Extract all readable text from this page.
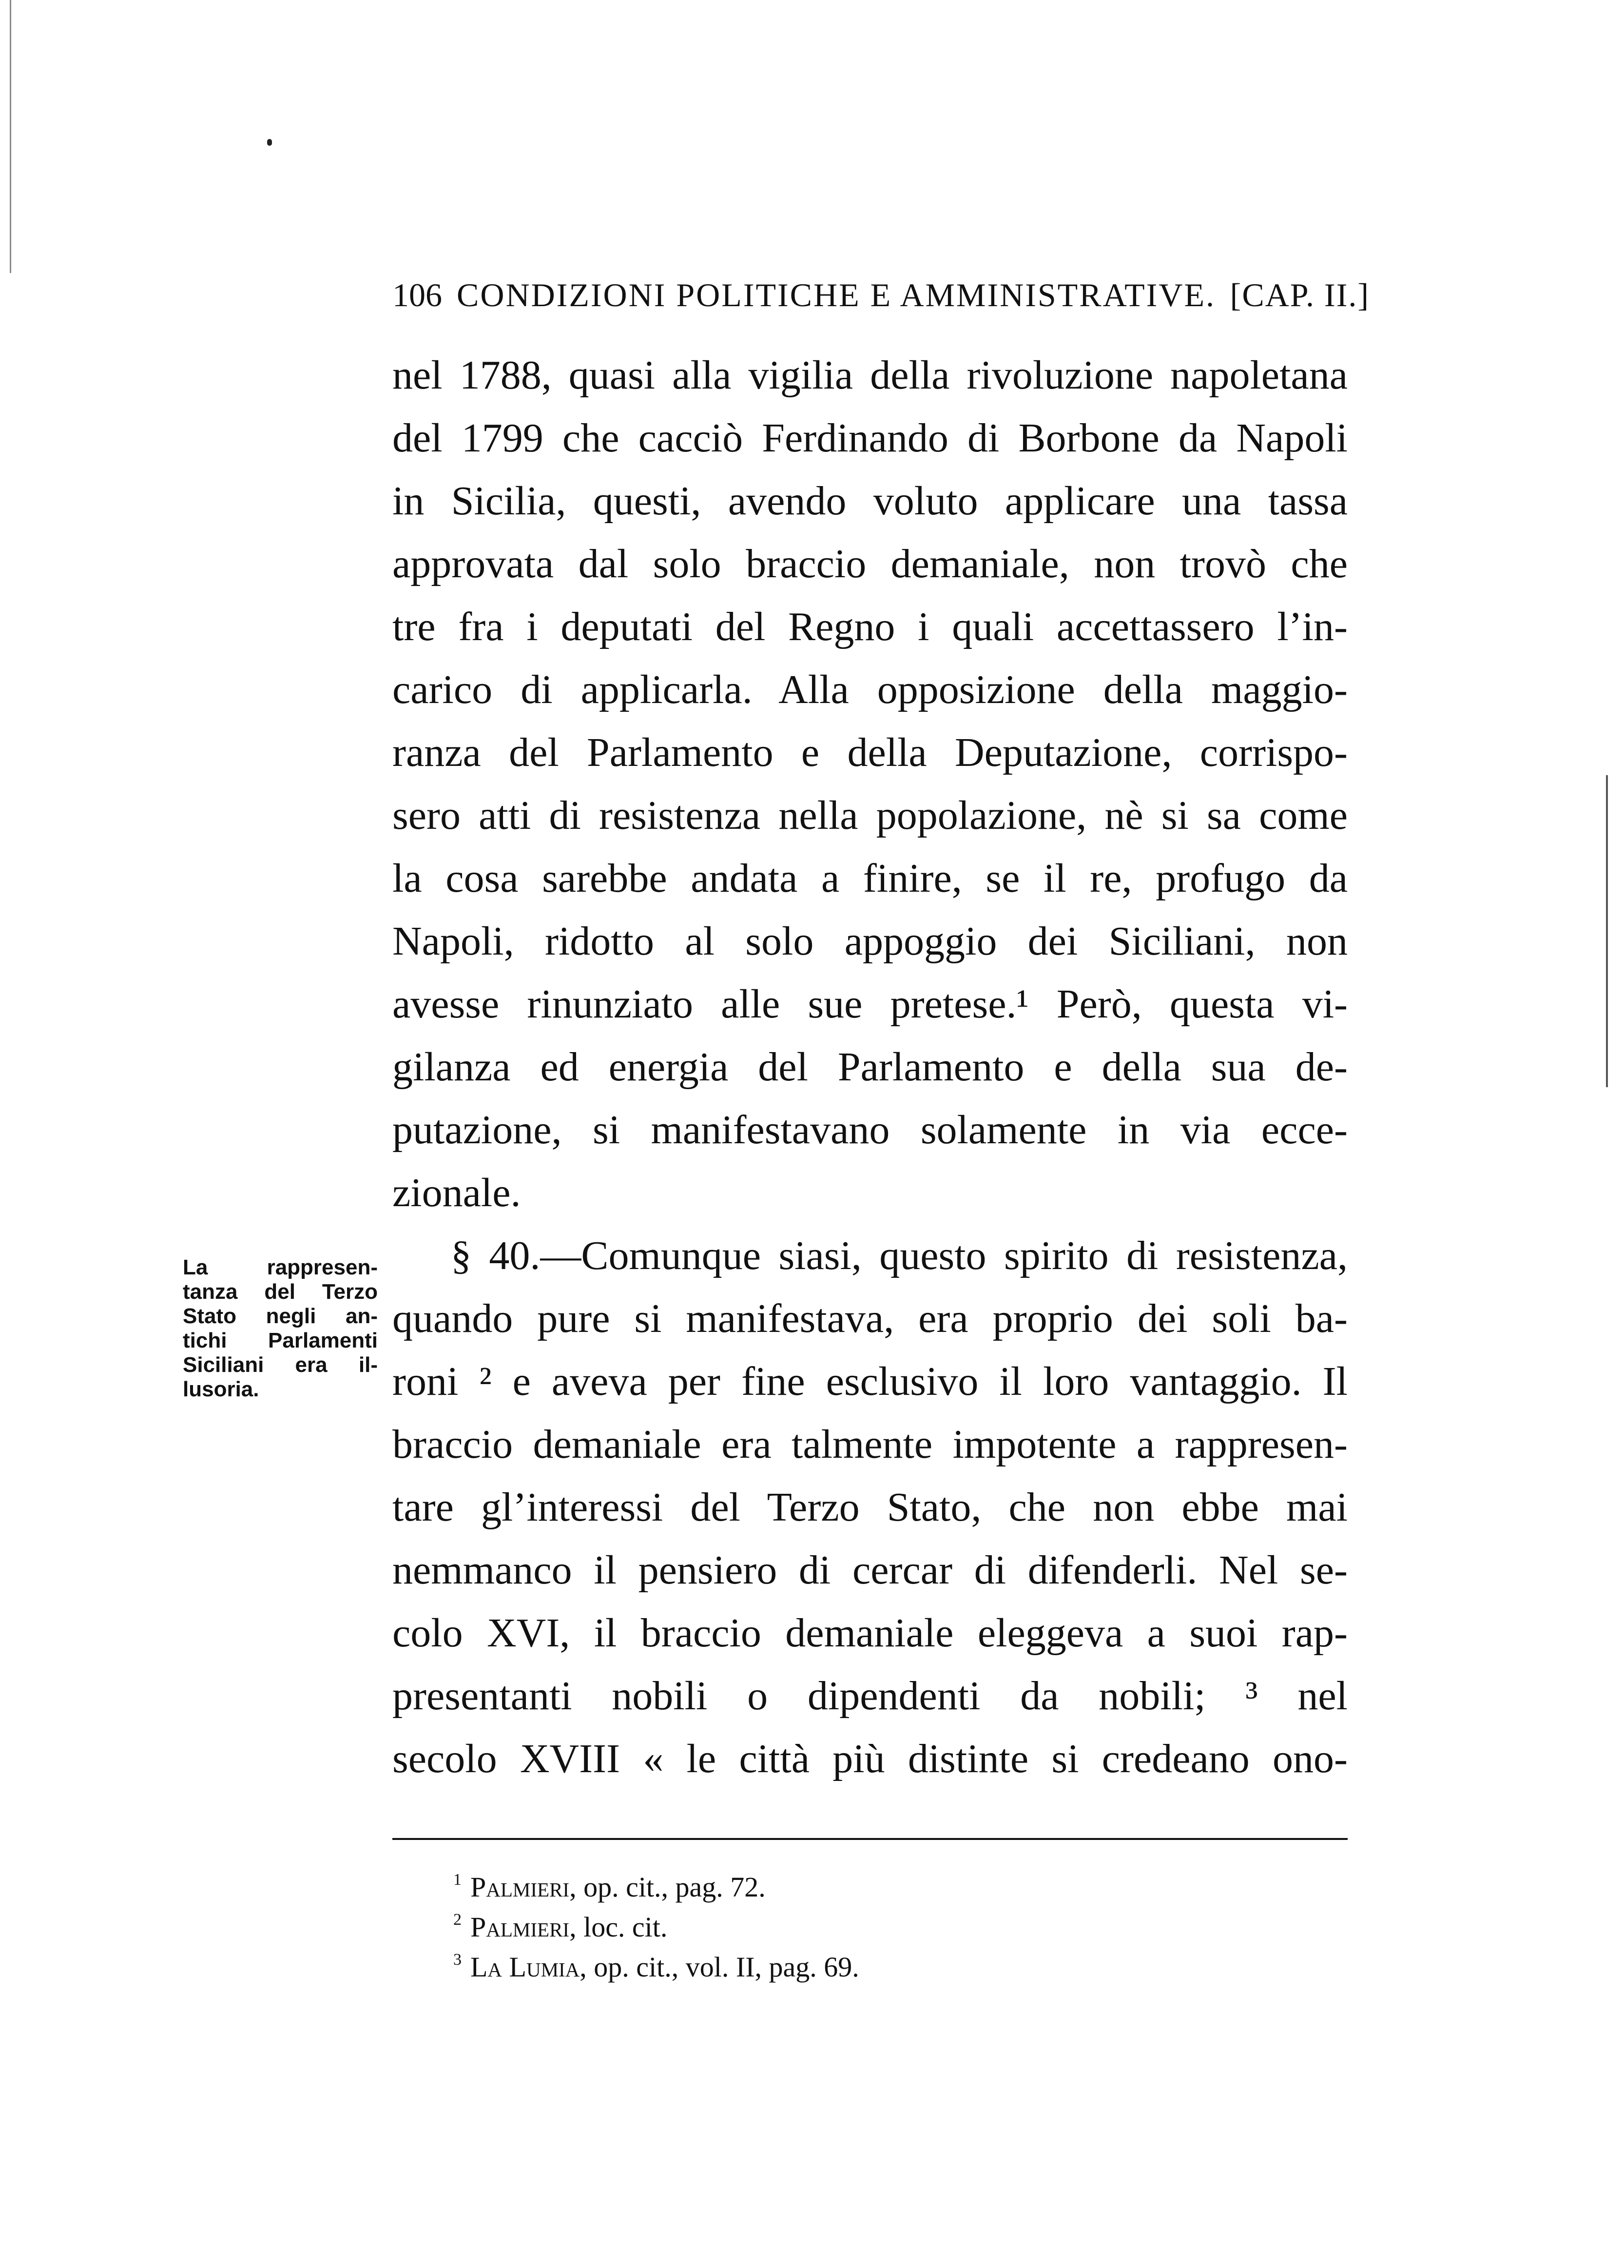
106 CONDIZIONI POLITICHE E AMMINISTRATIVE. [CAP. II.]
nel 1788, quasi alla vigilia della rivoluzione napoletana
del 1799 che cacciò Ferdinando di Borbone da Napoli
in Sicilia, questi, avendo voluto applicare una tassa
approvata dal solo braccio demaniale, non trovò che
tre fra i deputati del Regno i quali accettassero l’in-
carico di applicarla. Alla opposizione della maggio-
ranza del Parlamento e della Deputazione, corrispo-
sero atti di resistenza nella popolazione, nè si sa come
la cosa sarebbe andata a finire, se il re, profugo da
Napoli, ridotto al solo appoggio dei Siciliani, non
avesse rinunziato alle sue pretese.¹ Però, questa vi-
gilanza ed energia del Parlamento e della sua de-
putazione, si manifestavano solamente in via ecce-
zionale.
§ 40.—Comunque siasi, questo spirito di resistenza,
quando pure si manifestava, era proprio dei soli ba-
roni ² e aveva per fine esclusivo il loro vantaggio. Il
braccio demaniale era talmente impotente a rappresen-
tare gl’interessi del Terzo Stato, che non ebbe mai
nemmanco il pensiero di cercar di difenderli. Nel se-
colo XVI, il braccio demaniale eleggeva a suoi rap-
presentanti nobili o dipendenti da nobili; ³ nel
secolo XVIII « le città più distinte si credeano ono-
La rappresen-
tanza del Terzo
Stato negli an-
tichi Parlamenti
Siciliani era il-
lusoria.
$^1$ Palmieri, op. cit., pag. 72.
$^2$ Palmieri, loc. cit.
$^3$ La Lumia, op. cit., vol. II, pag. 69.
